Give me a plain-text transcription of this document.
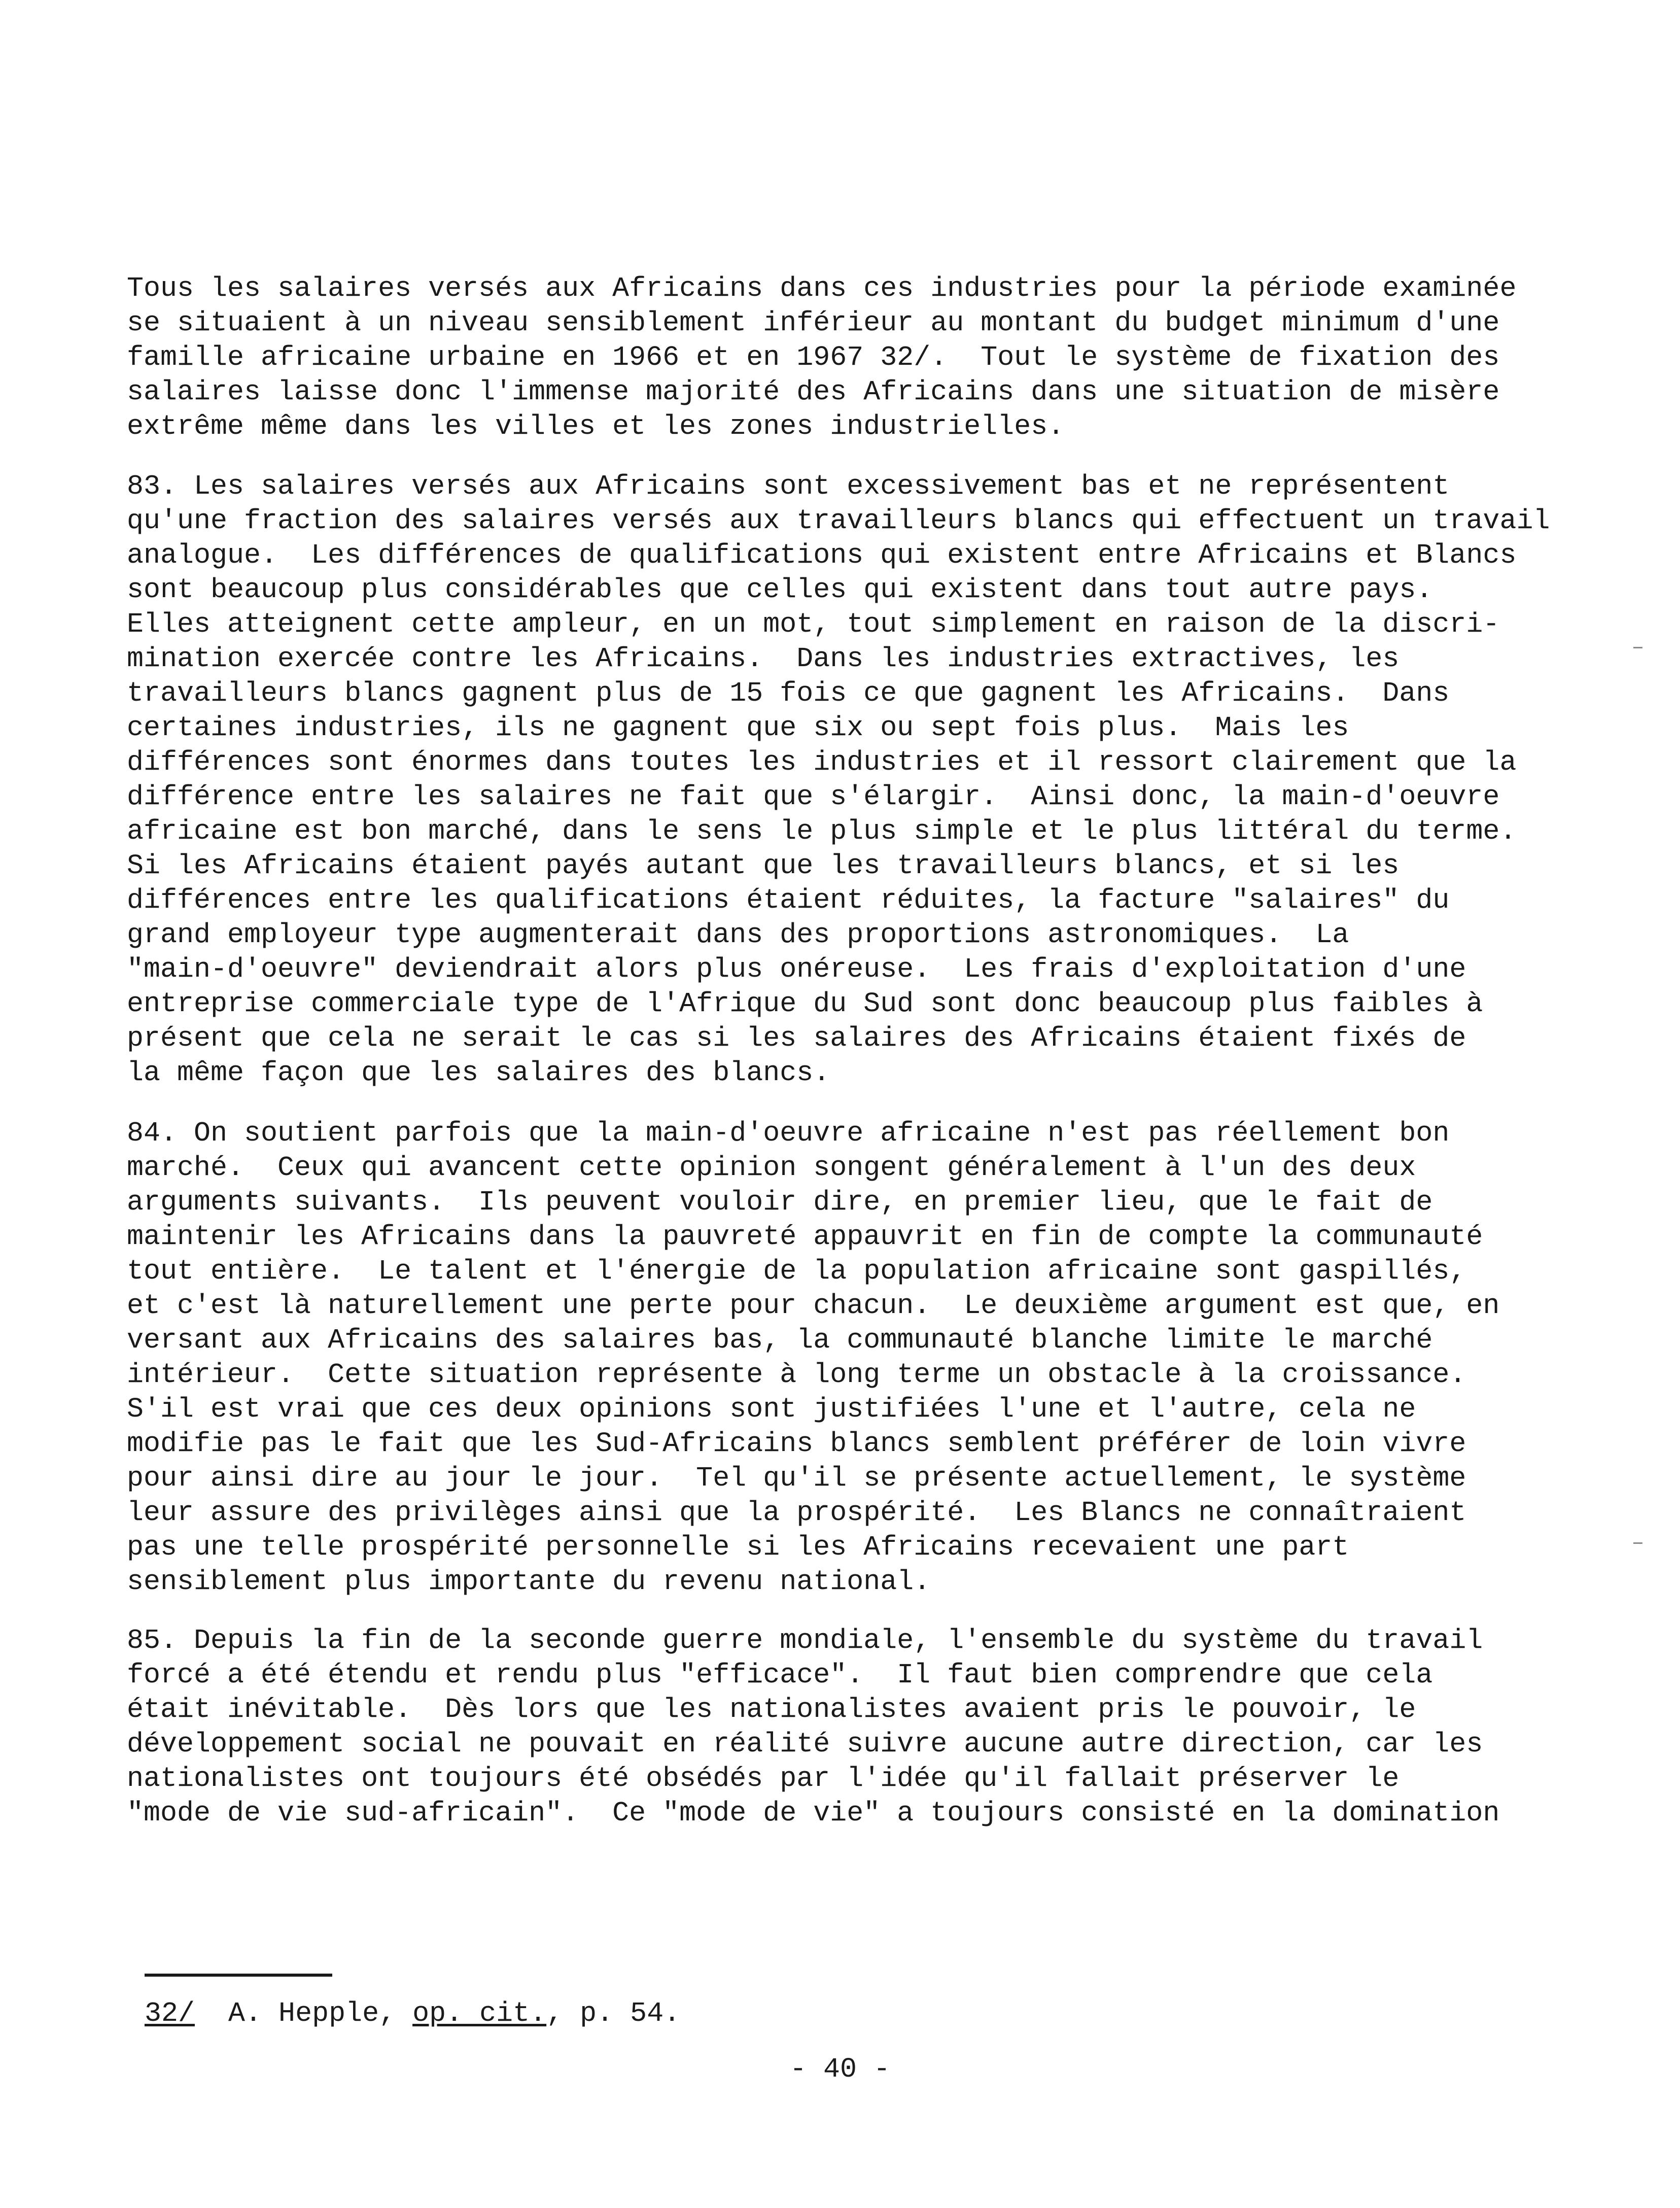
Tous les salaires versés aux Africains dans ces industries pour la période examinée
se situaient à un niveau sensiblement inférieur au montant du budget minimum d'une
famille africaine urbaine en 1966 et en 1967 32/.  Tout le système de fixation des
salaires laisse donc l'immense majorité des Africains dans une situation de misère
extrême même dans les villes et les zones industrielles.
83. Les salaires versés aux Africains sont excessivement bas et ne représentent
qu'une fraction des salaires versés aux travailleurs blancs qui effectuent un travail
analogue.  Les différences de qualifications qui existent entre Africains et Blancs
sont beaucoup plus considérables que celles qui existent dans tout autre pays.
Elles atteignent cette ampleur, en un mot, tout simplement en raison de la discri-
mination exercée contre les Africains.  Dans les industries extractives, les
travailleurs blancs gagnent plus de 15 fois ce que gagnent les Africains.  Dans
certaines industries, ils ne gagnent que six ou sept fois plus.  Mais les
différences sont énormes dans toutes les industries et il ressort clairement que la
différence entre les salaires ne fait que s'élargir.  Ainsi donc, la main-d'oeuvre
africaine est bon marché, dans le sens le plus simple et le plus littéral du terme.
Si les Africains étaient payés autant que les travailleurs blancs, et si les
différences entre les qualifications étaient réduites, la facture "salaires" du
grand employeur type augmenterait dans des proportions astronomiques.  La
"main-d'oeuvre" deviendrait alors plus onéreuse.  Les frais d'exploitation d'une
entreprise commerciale type de l'Afrique du Sud sont donc beaucoup plus faibles à
présent que cela ne serait le cas si les salaires des Africains étaient fixés de
la même façon que les salaires des blancs.
84. On soutient parfois que la main-d'oeuvre africaine n'est pas réellement bon
marché.  Ceux qui avancent cette opinion songent généralement à l'un des deux
arguments suivants.  Ils peuvent vouloir dire, en premier lieu, que le fait de
maintenir les Africains dans la pauvreté appauvrit en fin de compte la communauté
tout entière.  Le talent et l'énergie de la population africaine sont gaspillés,
et c'est là naturellement une perte pour chacun.  Le deuxième argument est que, en
versant aux Africains des salaires bas, la communauté blanche limite le marché
intérieur.  Cette situation représente à long terme un obstacle à la croissance.
S'il est vrai que ces deux opinions sont justifiées l'une et l'autre, cela ne
modifie pas le fait que les Sud-Africains blancs semblent préférer de loin vivre
pour ainsi dire au jour le jour.  Tel qu'il se présente actuellement, le système
leur assure des privilèges ainsi que la prospérité.  Les Blancs ne connaîtraient
pas une telle prospérité personnelle si les Africains recevaient une part
sensiblement plus importante du revenu national.
85. Depuis la fin de la seconde guerre mondiale, l'ensemble du système du travail
forcé a été étendu et rendu plus "efficace".  Il faut bien comprendre que cela
était inévitable.  Dès lors que les nationalistes avaient pris le pouvoir, le
développement social ne pouvait en réalité suivre aucune autre direction, car les
nationalistes ont toujours été obsédés par l'idée qu'il fallait préserver le
"mode de vie sud-africain".  Ce "mode de vie" a toujours consisté en la domination
32/  A. Hepple, op. cit., p. 54.
- 40 -
